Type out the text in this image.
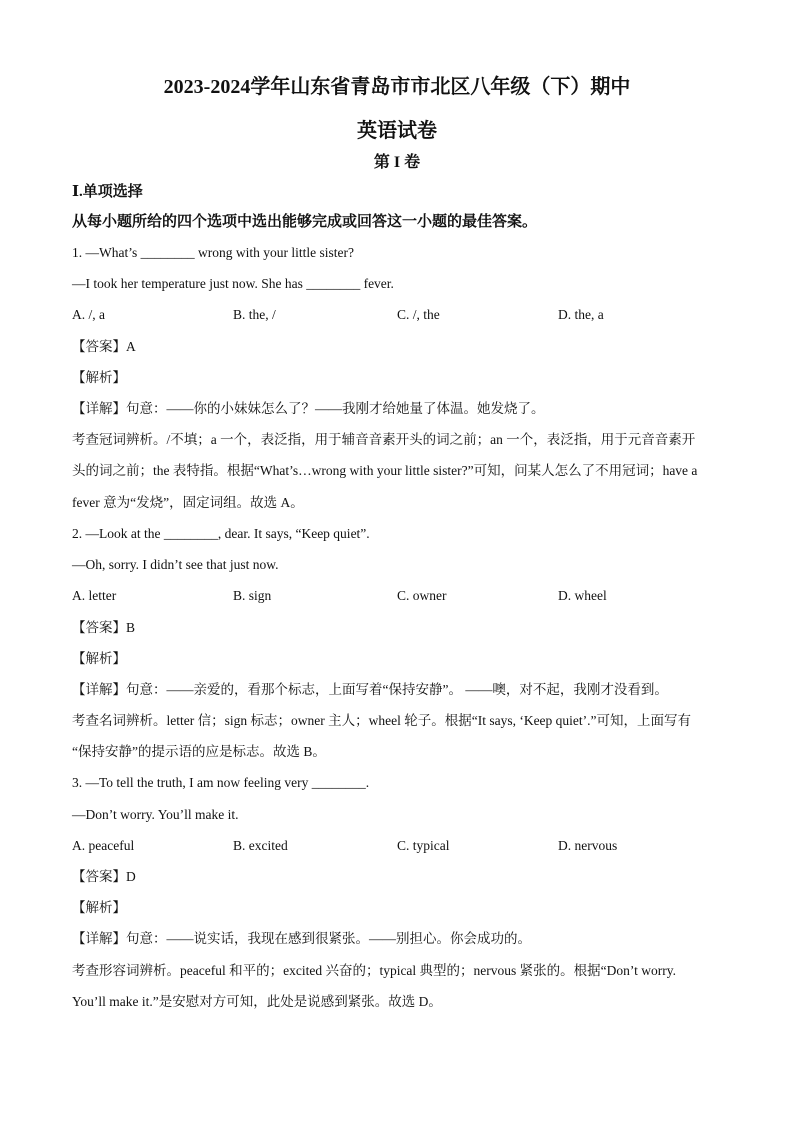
2023-2024学年山东省青岛市市北区八年级（下）期中
英语试卷
第 I 卷
Ⅰ.单项选择
从每小题所给的四个选项中选出能够完成或回答这一小题的最佳答案。
1. —What’s ________ wrong with your little sister?
—I took her temperature just now. She has ________ fever.
A. /, a	B. the, /	C. /, the	D. the, a
【答案】A
【解析】
【详解】句意：——你的小妹妹怎么了？——我刚才给她量了体温。她发烧了。
考查冠词辨析。/不填；a 一个，表泛指，用于辅音音素开头的词之前；an 一个，表泛指，用于元音音素开
头的词之前；the 表特指。根据“What’s…wrong with your little sister?”可知，问某人怎么了不用冠词；have a
fever 意为“发烧”，固定词组。故选 A。
2. —Look at the ________, dear. It says, “Keep quiet”.
—Oh, sorry. I didn’t see that just now.
A. letter	B. sign	C. owner	D. wheel
【答案】B
【解析】
【详解】句意：——亲爱的，看那个标志，上面写着“保持安静”。 ——噢，对不起，我刚才没看到。
考查名词辨析。letter 信；sign 标志；owner 主人；wheel 轮子。根据“It says, ‘Keep quiet’.”可知，上面写有
“保持安静”的提示语的应是标志。故选 B。
3. —To tell the truth, I am now feeling very ________.
—Don’t worry. You’ll make it.
A. peaceful	B. excited	C. typical	D. nervous
【答案】D
【解析】
【详解】句意：——说实话，我现在感到很紧张。——别担心。你会成功的。
考查形容词辨析。peaceful 和平的；excited 兴奋的；typical 典型的；nervous 紧张的。根据“Don’t worry.
You’ll make it.”是安慰对方可知，此处是说感到紧张。故选 D。
